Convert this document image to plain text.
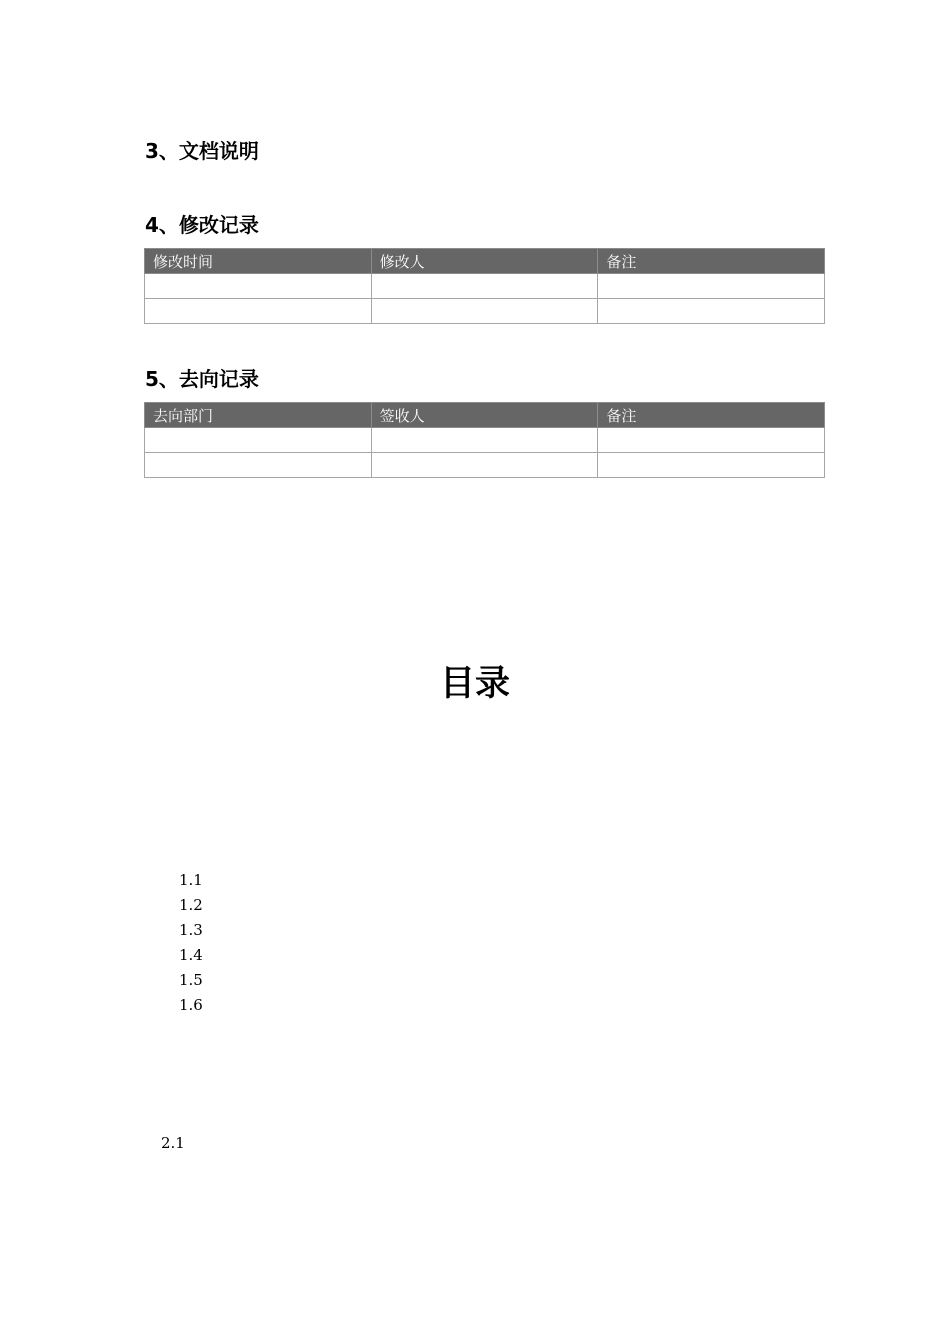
3、文档说明
4、修改记录
修改时间	修改人	备注

5、去向记录
去向部门	签收人	备注

目录
1.1
1.2
1.3
1.4
1.5
1.6
2.1
